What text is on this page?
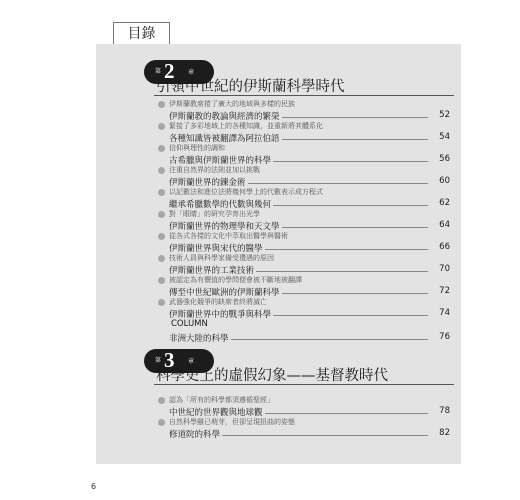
目錄
第 2 章
引領中世紀的伊斯蘭科學時代
伊斯蘭教席捲了廣大的地域與多樣的民族
伊斯蘭教的教論與經濟的繁榮	52
緊接了多彩地域上的各種知識，並重新將其體系化
各種知識皆被翻譯為阿拉伯語	54
信仰與理性的調和
古希臘與伊斯蘭世界的科學	56
注重自然界的法則並加以挑戰
伊斯蘭世界的鍊金術	60
以記數法和進位法將幾何學上的代數表示成方程式
繼承希臘數學的代數與幾何	62
對「眼睛」的研究孕育出光學
伊斯蘭世界的物理學和天文學	64
從各式各樣的文化中萃取出醫學與醫術
伊斯蘭世界與宋代的醫學	66
技術人員與科學家備受禮遇的原因
伊斯蘭世界的工業技術	70
被認定為有價值的學問便會被不斷地被翻譯
傳至中世紀歐洲的伊斯蘭科學	72
武器強化競爭的缺席者終將滅亡
伊斯蘭世界中的戰爭與科學	74
COLUMN
非洲大陸的科學	76
第 3 章
科學史上的虛假幻象——基督教時代
認為「所有的科學都須遵循聖經」
中世紀的世界觀與地球觀	78
自然科學雖已萌芽，但卻呈現扭曲的姿態
修道院的科學	82
6
